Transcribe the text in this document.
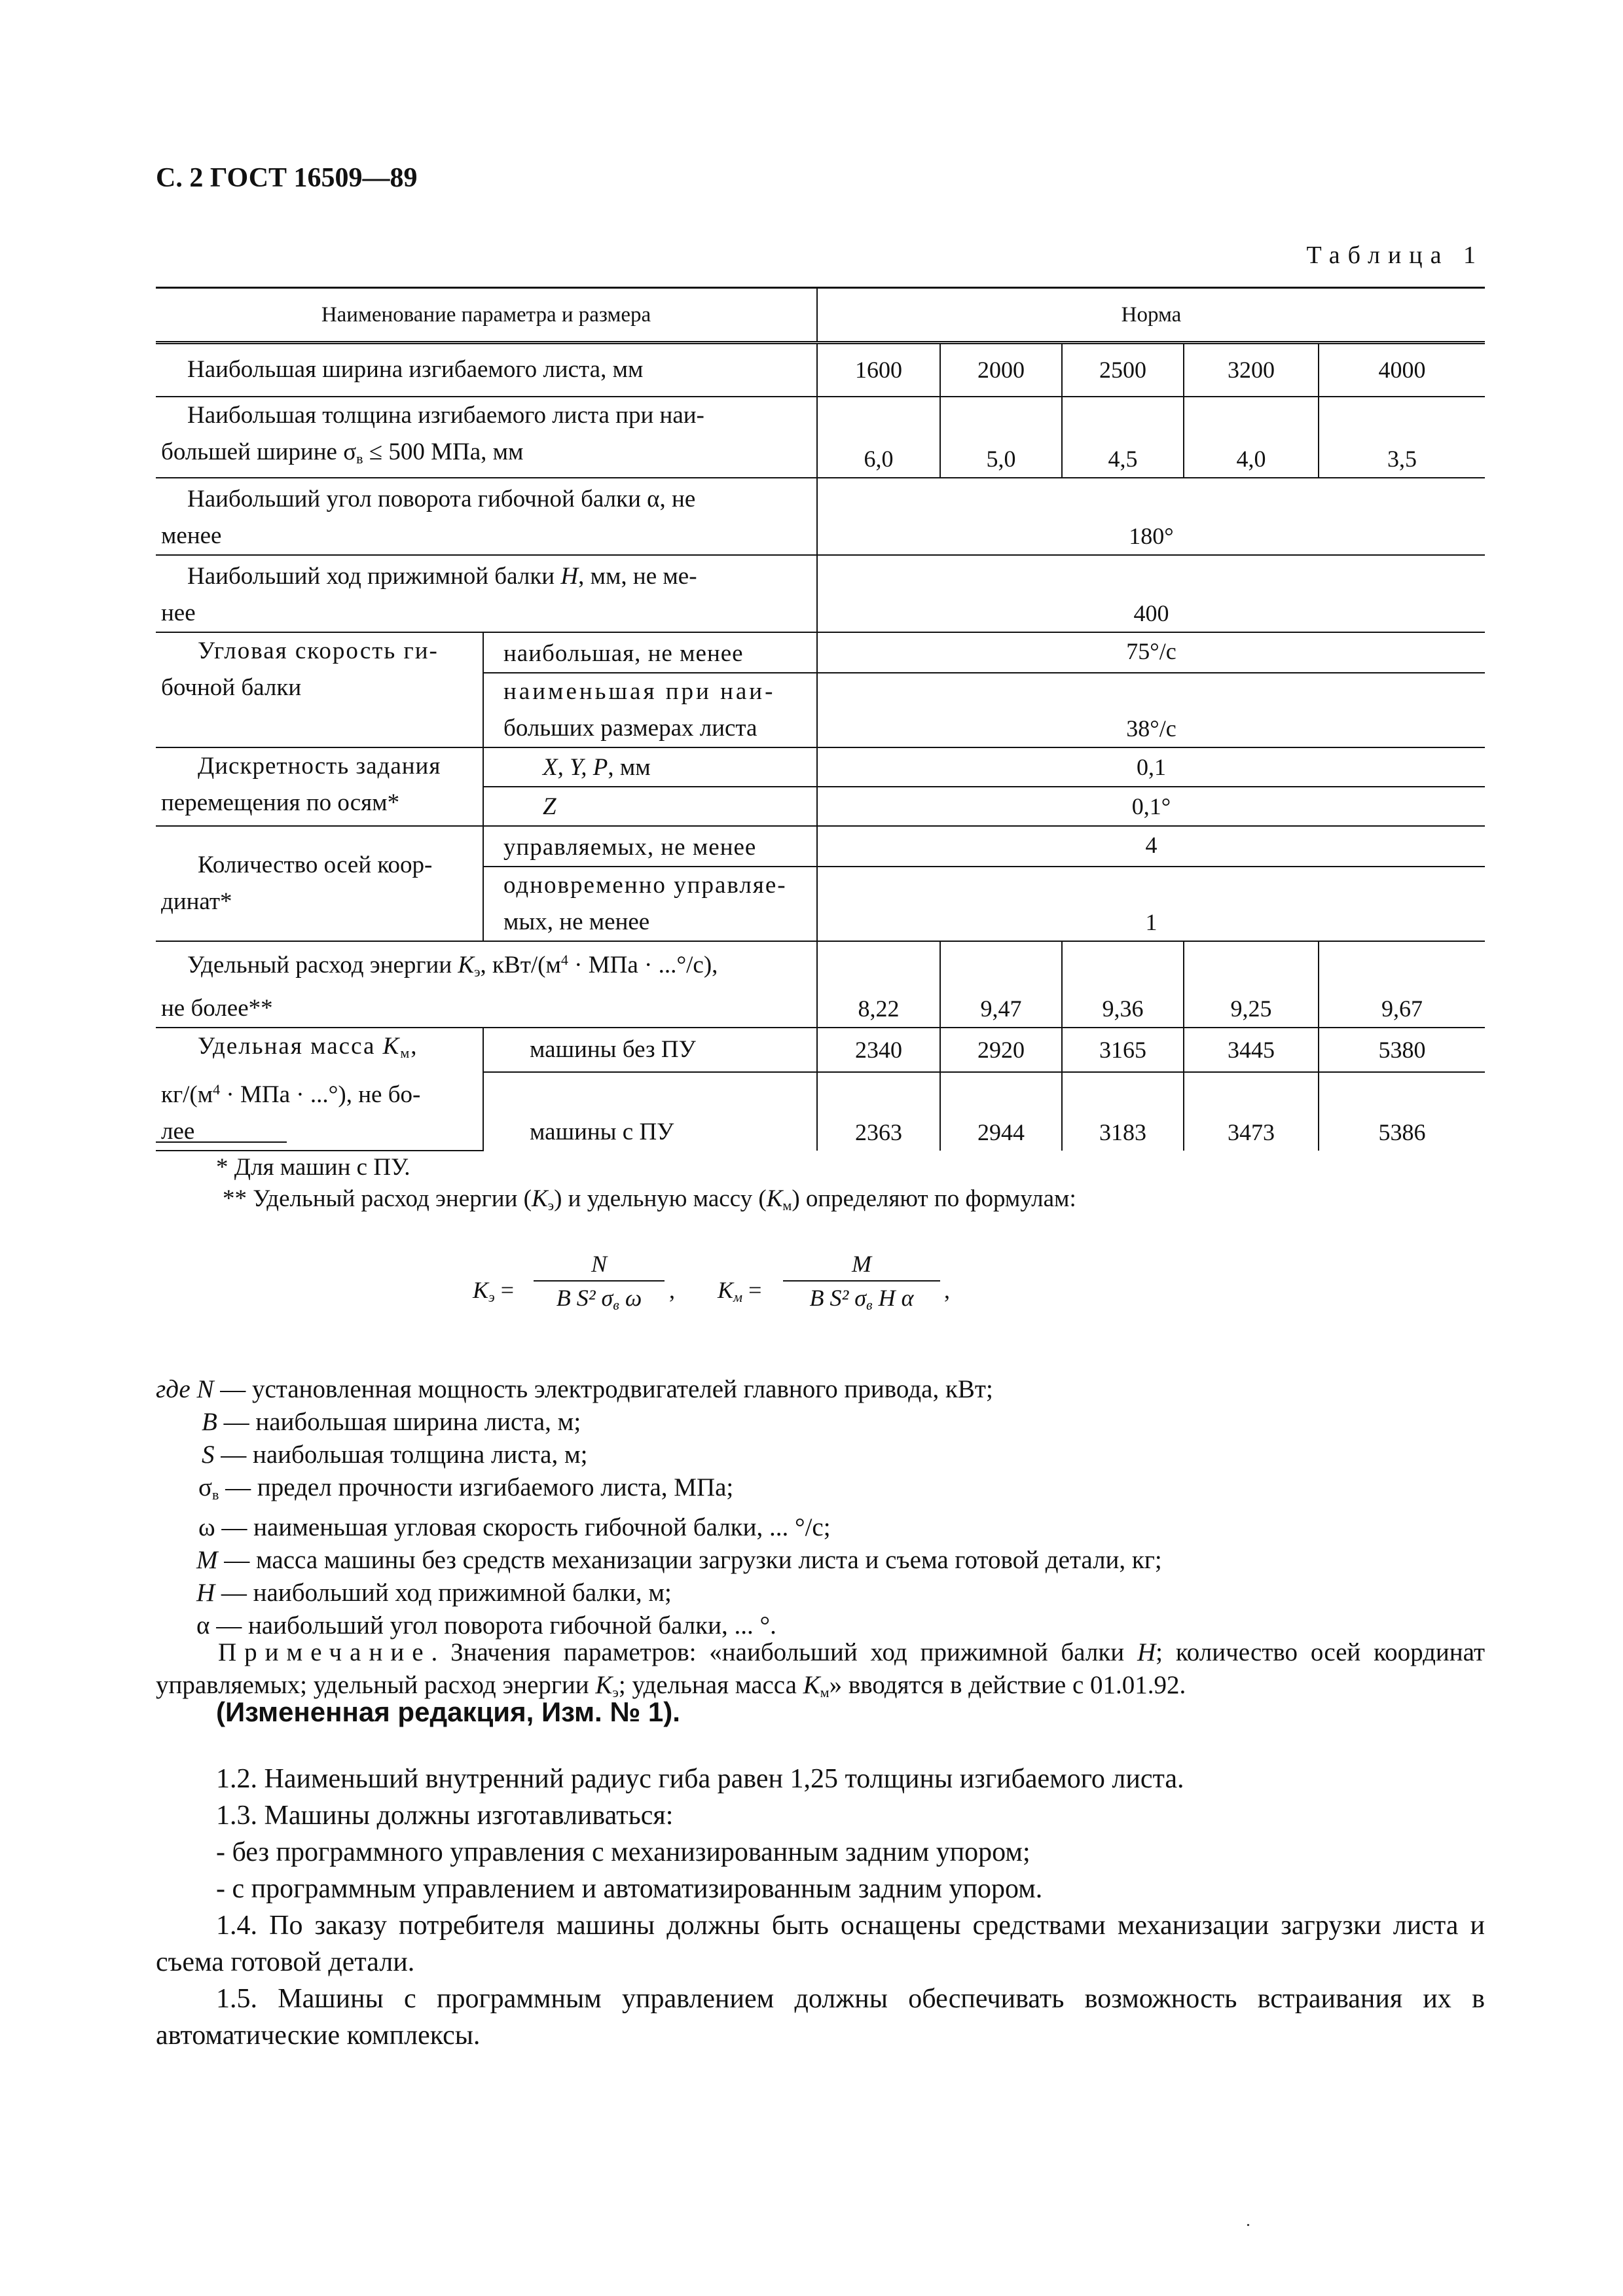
С. 2 ГОСТ 16509—89
Таблица 1
Наименование параметра и размера		Норма				
Наибольшая ширина изгибаемого листа, мм		1600	2000	2500	3200	4000

Наибольшая толщина изгибаемого листа при наи-
большей ширине $\sigma_в \le 500$ МПа, мм		6,0	5,0	4,5	4,0	3,5

Наибольший угол поворота гибочной балки α, не
менее		180°				

Наибольший ход прижимной балки H, мм, не ме-
нее		400				

Угловая скорость ги-
бочной балки	наибольшая, не менее	75°/с				

	наименьшая при наи-
больших размерах листа	38°/с				

Дискретность задания
перемещения по осям*	X, Y, P, мм	0,1				
	Z	0,1°				

Количество осей коор-
динат*	управляемых, не менее	4				

	одновременно управляе-
мых, не менее	1				

Удельный расход энергии $K_э$, кВт/($м^4$ · МПа · ...°/с),
не более**		8,22	9,47	9,36	9,25	9,67

Удельная масса $K_м$,
$кг/(м^4$ · МПа · ...°), не бо-
лее	машины без ПУ	2340	2920	3165	3445	5380
	машины с ПУ	2363	2944	3183	3473	5386
* Для машин с ПУ.
** Удельный расход энергии $(K_э)$ и удельную массу $(K_м)$ определяют по формулам:
$K_э$ =
N
B S² $\sigma_в$ ω	, $K_м$ =
M
B S² $\sigma_в$ H α	,
где N — установленная мощность электродвигателей главного привода, кВт;
B — наибольшая ширина листа, м;
S — наибольшая толщина листа, м;
$\sigma_в$ — предел прочности изгибаемого листа, МПа;
ω — наименьшая угловая скорость гибочной балки, ... °/с;
M — масса машины без средств механизации загрузки листа и съема готовой детали, кг;
H — наибольший ход прижимной балки, м;
α — наибольший угол поворота гибочной балки, ... °.
Примечание. Значения параметров: «наибольший ход прижимной балки H; количество осей координат управляемых; удельный расход энергии $K_э$; удельная масса $K_м$» вводятся в действие с 01.01.92.
(Измененная редакция, Изм. № 1).

1.2. Наименьший внутренний радиус гиба равен 1,25 толщины изгибаемого листа.

1.3. Машины должны изготавливаться:

- без программного управления с механизированным задним упором;

- с программным управлением и автоматизированным задним упором.

1.4. По заказу потребителя машины должны быть оснащены средствами механизации загрузки листа и съема готовой детали.

1.5. Машины с программным управлением должны обеспечивать возможность встраивания их в автоматические комплексы.
